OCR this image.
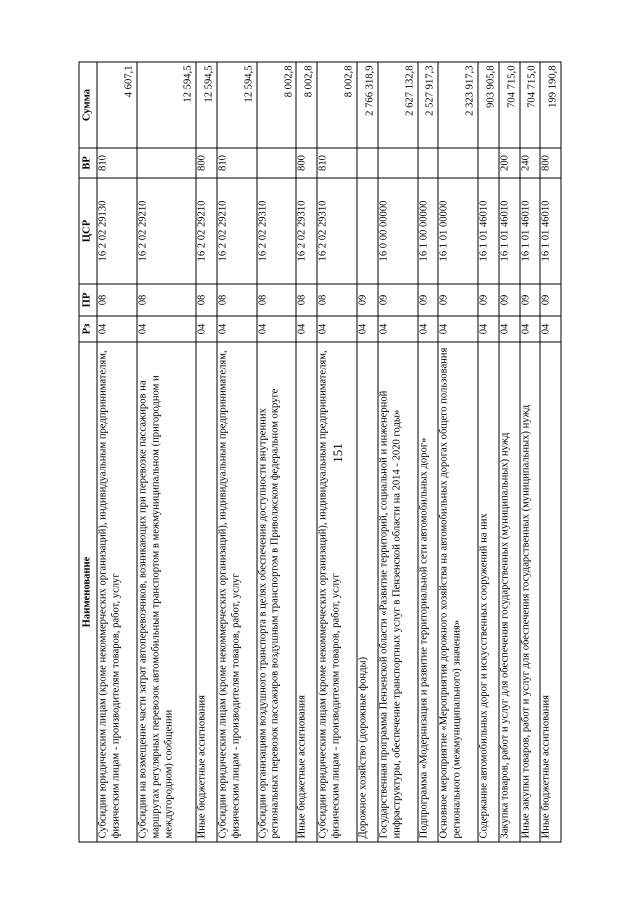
151
Наименование	Рз	ПР	ЦСР	ВР	Сумма
Субсидии юридическим лицам (кроме некоммерческих организаций), индивидуальным предпринимателям, физическим лицам - производителям товаров, работ, услуг	04	08	16 2 02 29130	810	4 607,1
Субсидии на возмещение части затрат автоперевозчиков, возникающих при перевозке пассажиров на маршрутах регулярных перевозок автомобильным транспортом в межмуниципальном (пригородном и междугородном) сообщении	04	08	16 2 02 29210		12 594,5
Иные бюджетные ассигнования	04	08	16 2 02 29210	800	12 594,5
Субсидии юридическим лицам (кроме некоммерческих организаций), индивидуальным предпринимателям, физическим лицам - производителям товаров, работ, услуг	04	08	16 2 02 29210	810	12 594,5
Субсидии организациям воздушного транспорта в целях обеспечения доступности внутренних региональных перевозок пассажиров воздушным транспортом в Приволжском федеральном округе	04	08	16 2 02 29310		8 002,8
Иные бюджетные ассигнования	04	08	16 2 02 29310	800	8 002,8
Субсидии юридическим лицам (кроме некоммерческих организаций), индивидуальным предпринимателям, физическим лицам - производителям товаров, работ, услуг	04	08	16 2 02 29310	810	8 002,8
Дорожное хозяйство (дорожные фонды)	04	09			2 766 318,9
Государственная программа Пензенской области «Развитие территорий, социальной и инженерной инфраструктуры, обеспечение транспортных услуг в Пензенской области на 2014 - 2020 годы»	04	09	16 0 00 00000		2 627 132,8
Подпрограмма «Модернизация и развитие территориальной сети автомобильных дорог»	04	09	16 1 00 00000		2 527 917,3
Основное мероприятие «Мероприятия дорожного хозяйства на автомобильных дорогах общего пользования регионального (межмуниципального) значения»	04	09	16 1 01 00000		2 323 917,3
Содержание автомобильных дорог и искусственных сооружений на них	04	09	16 1 01 46010		903 905,8
Закупка товаров, работ и услуг для обеспечения государственных (муниципальных) нужд	04	09	16 1 01 46010	200	704 715,0
Иные закупки товаров, работ и услуг для обеспечения государственных (муниципальных) нужд	04	09	16 1 01 46010	240	704 715,0
Иные бюджетные ассигнования	04	09	16 1 01 46010	800	199 190,8
